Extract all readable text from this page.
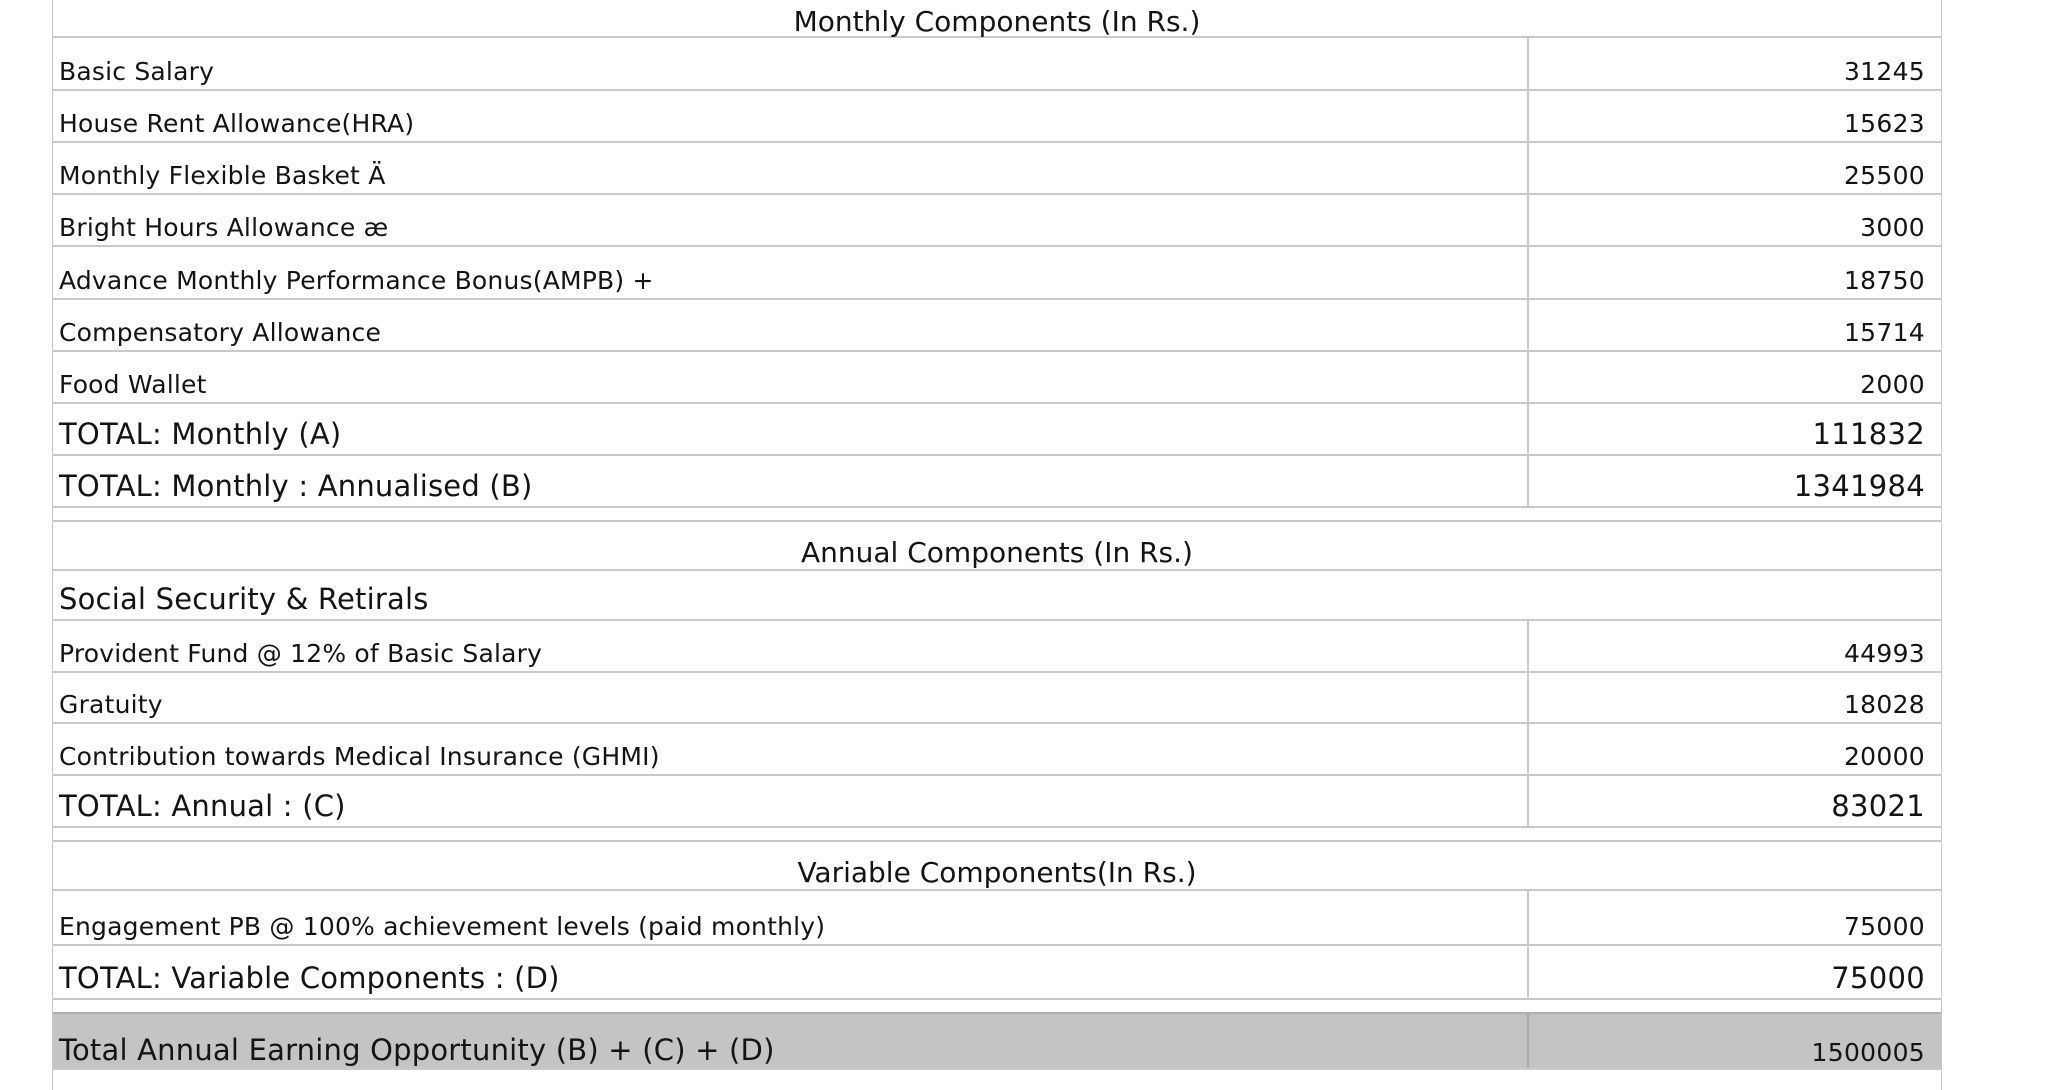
Monthly Components (In Rs.)
Basic Salary	31245
House Rent Allowance(HRA)	15623
Monthly Flexible Basket Ä	25500
Bright Hours Allowance æ	3000
Advance Monthly Performance Bonus(AMPB) +	18750
Compensatory Allowance	15714
Food Wallet	2000
TOTAL: Monthly (A)	111832
TOTAL: Monthly : Annualised (B)	1341984
Annual Components (In Rs.)
Social Security & Retirals
Provident Fund @ 12% of Basic Salary	44993
Gratuity	18028
Contribution towards Medical Insurance (GHMI)	20000
TOTAL: Annual : (C)	83021
Variable Components(In Rs.)
Engagement PB @ 100% achievement levels (paid monthly)	75000
TOTAL: Variable Components : (D)	75000
Total Annual Earning Opportunity (B) + (C) + (D)	1500005
